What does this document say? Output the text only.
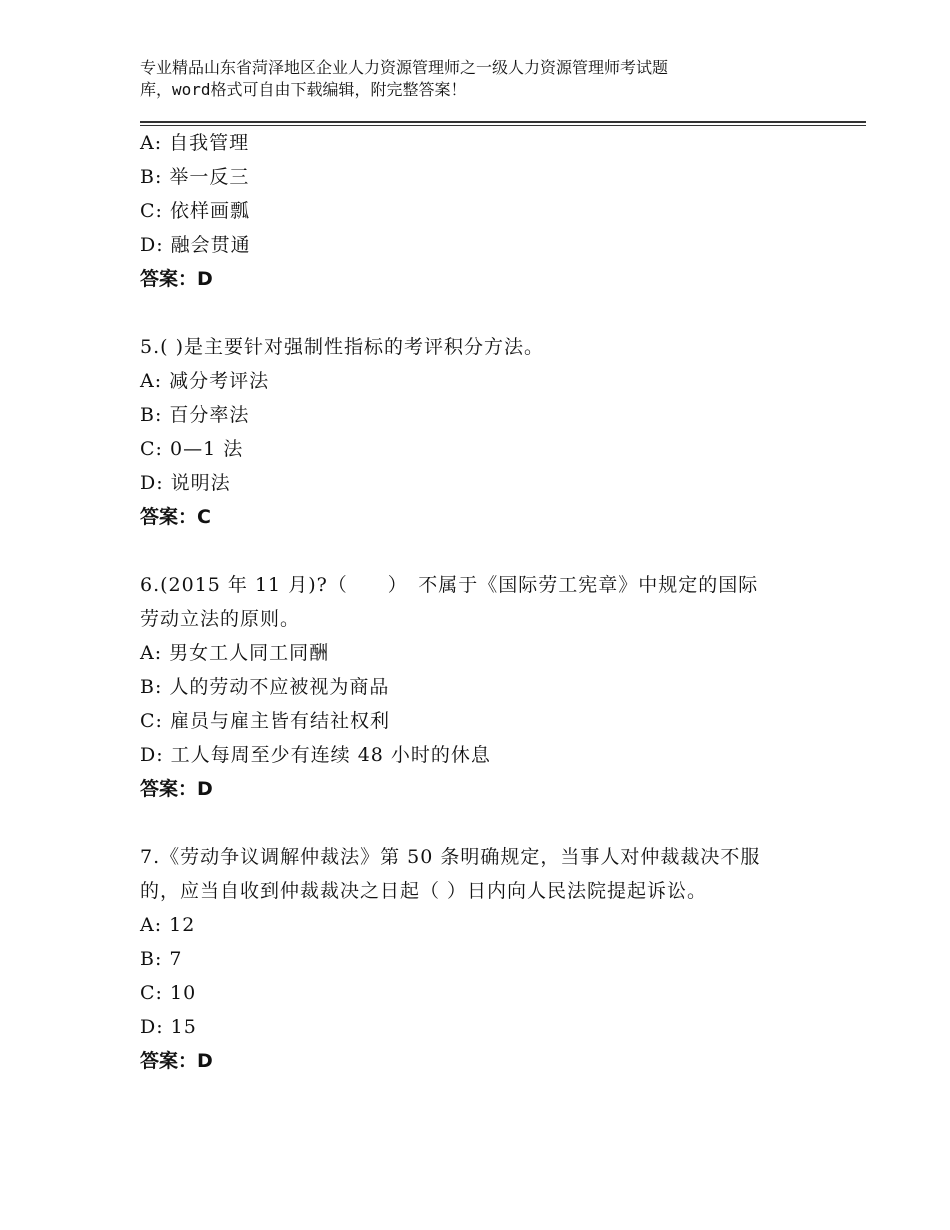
专业精品山东省菏泽地区企业人力资源管理师之一级人力资源管理师考试题
库，word格式可自由下载编辑，附完整答案！
A: 自我管理
B: 举一反三
C: 依样画瓢
D: 融会贯通
答案：D
5.( )是主要针对强制性指标的考评积分方法。
A: 减分考评法
B: 百分率法
C: 0—1 法
D: 说明法
答案：C
6.(2015 年 11 月)?（　　）　不属于《国际劳工宪章》中规定的国际
劳动立法的原则。
A: 男女工人同工同酬
B: 人的劳动不应被视为商品
C: 雇员与雇主皆有结社权利
D: 工人每周至少有连续 48 小时的休息
答案：D
7.《劳动争议调解仲裁法》第 50 条明确规定，当事人对仲裁裁决不服
的，应当自收到仲裁裁决之日起（ ）日内向人民法院提起诉讼。
A: 12
B: 7
C: 10
D: 15
答案：D
